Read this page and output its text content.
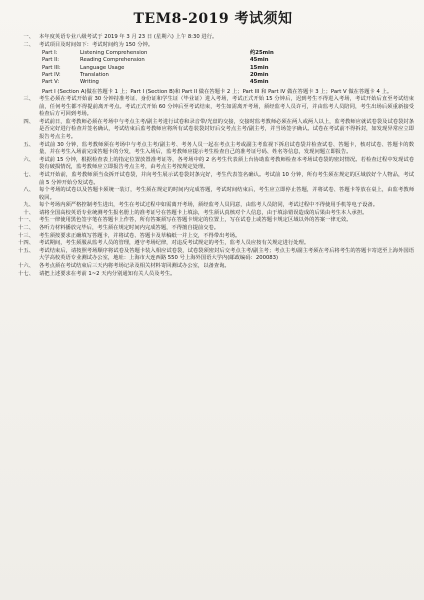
TEM8-2019 考试须知
一、 本年度英语专业八级考试于 2019 年 3 月 23 日 (星期六) 上午 8:30 进行。
二、 考试项目及时间如下：考试时间约为 150 分钟。
Part I:	Listening Comprehension	约25min
Part II:	Reading Comprehension	45min
Part III:	Language Usage	15min
Part IV:	Translation	20min
Part V:	Writing	45min
Part I (Section A)做在答题卡 1 上；Part I (Section B)和 Part II 做在答题卡 2 上；Part III 和 Part IV 做在答题卡 3 上；Part V 做在答题卡 4 上。
三、 考生必须在考试开始前 30 分钟持准考证、身份证和学生证（毕业证）进入考场，考试正式开始 15 分钟后，迟到考生不得进入考场，考试开始后直至考试结束前，任何考生都不得提前离开考点。考试正式开始 60 分钟后至考试结束，考生如需离开考场，须经监考人员许可，并由监考人员陪同，考生出场后须重新接受检查后方可回到考场。
四、 考试前日，监考教师必须在考场中与考点主考/副主考进行试卷和录音带/光盘的交接，交接时监考教师必须在两人或两人以上，监考教师应就试卷袋及试卷袋封条是否完好进行检查并签名确认，考试结束后监考教师应将所有试卷装袋封好后交考点主考/副主考，并当场签字确认。试卷在考试前不得拆封，如发现异常应立即报告考点主考。
五、 考试前 30 分钟，监考教师须在考场中与考点主考/副主考、考务人员一起在考点主考或副主考监视下拆启试卷袋并检查试卷、答题卡，核对试卷、答题卡的数量，并在考生入场前完成答题卡的分发，考生入场后，监考教师应提示考生检查自己的准考证号码、姓名等信息，发现问题立即报告。
六、 考试前 15 分钟，根据检查表上的指定位置放置准考证等，各考场中的 2 名考生代表须上台协助监考教师检查本考场试卷袋的密封情况。若检查过程中发现试卷袋有破损情况，监考教师应立即报告考点主考，由考点主考按规定处理。
七、 考试开始前，监考教师须当众拆开试卷袋，并向考生展示试卷袋封条完好，考生代表签名确认。考试前 10 分钟，所有考生须在规定的区域放好个人物品，考试前 5 分钟开始分发试卷。
八、 每个考场的试卷以及答题卡须统一装订，考生须在规定的时间内完成答题，考试时间结束后，考生应立即停止答题，并将试卷、答题卡等放在桌上，由监考教师收回。
九、 每个考场内须严格控制考生进出，考生在考试过程中如需离开考场，须经监考人员同意，由监考人员陪同，考试过程中不得使用手机等电子设备。
十、 请将全国高校英语专业统测考生报名册上的准考证号在答题卡上填涂，考生须认真核对个人信息，由于填涂错误造成的后果由考生本人承担。
十一、 考生一律使用黑色签字笔在答题卡上作答，所有答案须写在答题卡规定的位置上，写在试卷上或答题卡规定区域以外的答案一律无效。
十二、 各听力材料播放完毕后，考生须在规定时间内完成答题，不得擅自提前交卷。
十三、 考生须按要求正确填写答题卡，并将试卷、答题卡及草稿纸一并上交，不得带出考场。
十四、 考试期间，考生须服从监考人员的管理，遵守考场纪律，对违反考试规定的考生，监考人员应按有关规定进行处理。
十五、 考试结束后，请按照考场顺序将试卷及答题卡装入相应试卷袋，试卷袋须密封后交考点主考/副主考；考点主考/副主考须在考后将考生的答题卡寄送至上海外国语大学高校英语专业测试办公室，地址：上海市大连西路 550 号上海外国语大学内(邮政编码：200083)
十六、 各考点须在考试结束后三天内将考场记录及相关材料寄回测试办公室，以备查询。
十七、 请把上述要求在考前 1~2 天内分别通知有关人员及考生。
